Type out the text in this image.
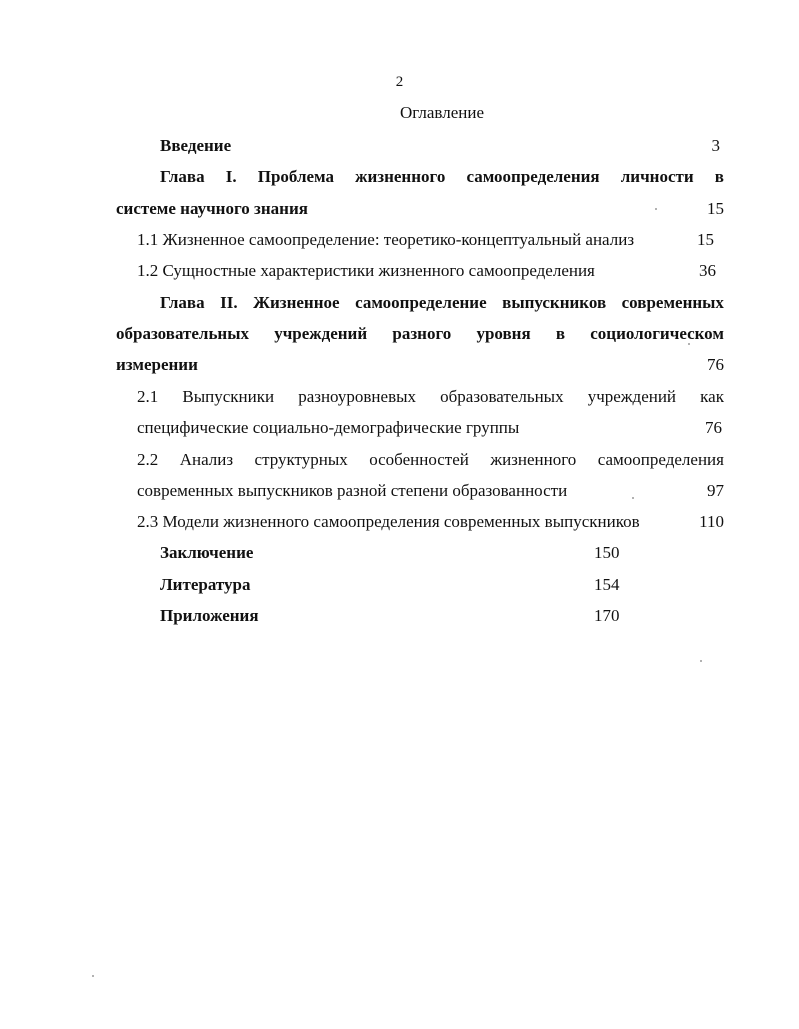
2
Оглавление
Введение	3
Глава I. Проблема жизненного самоопределения личности в
системе научного знания	15
1.1 Жизненное самоопределение: теоретико-концептуальный анализ	15
1.2 Сущностные характеристики жизненного самоопределения	36
Глава II. Жизненное самоопределение выпускников современных
образовательных учреждений разного уровня в социологическом
измерении	76
2.1 Выпускники разноуровневых образовательных учреждений как
специфические социально-демографические группы	76
2.2 Анализ структурных особенностей жизненного самоопределения
современных выпускников разной степени образованности	97
2.3 Модели жизненного самоопределения современных выпускников	110
Заключение	150
Литература	154
Приложения	170
